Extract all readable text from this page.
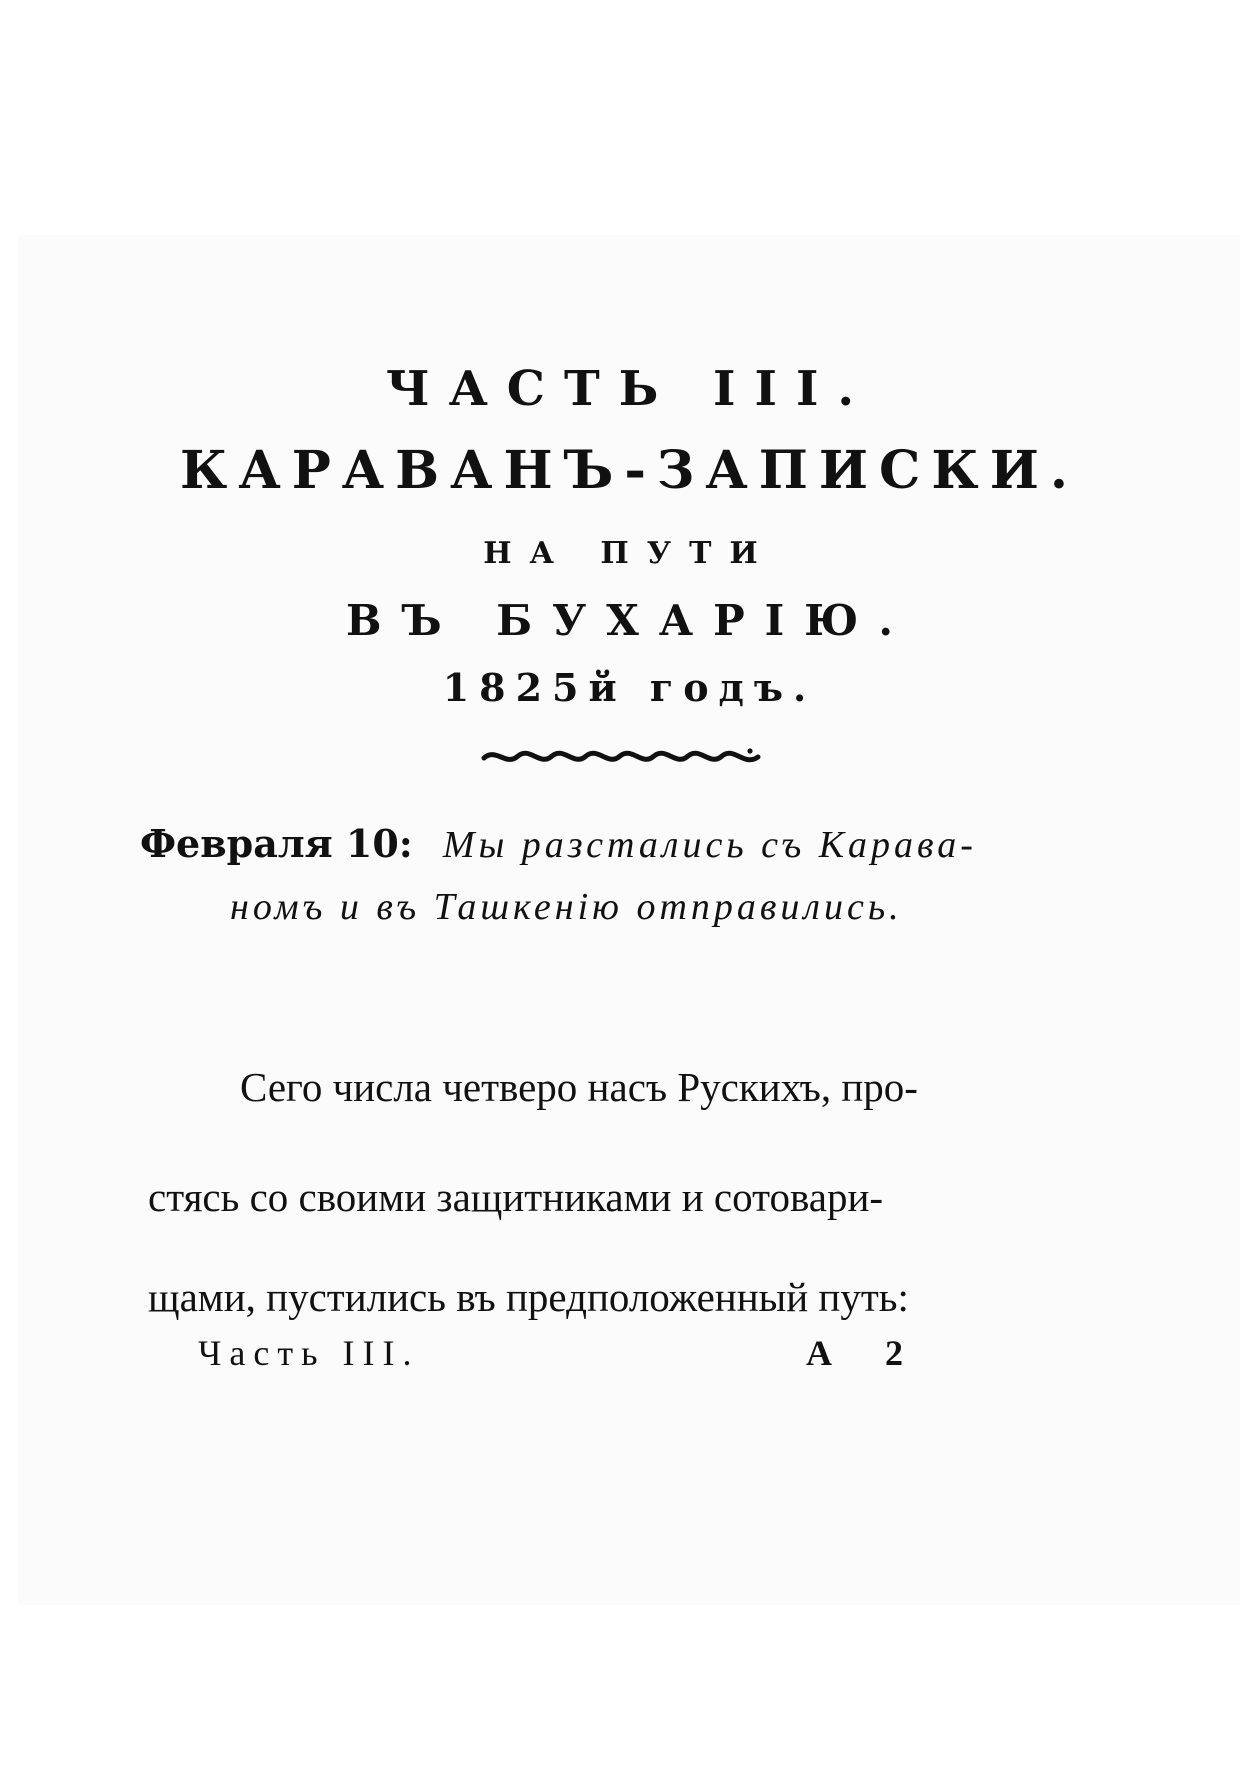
ЧАСТЬ III.
КАРАВАНЪ-ЗАПИСКИ.
НА ПУТИ
ВЪ БУХАРІЮ.
1825й годъ.
Февраля 10: Мы разстались съ Карава-
номъ и въ Ташкенію отправились.
Сего числа четверо насъ Рускихъ, про-
стясь со своими защитниками и сотовари-
щами, пустились въ предположенный путь:
Часть III.	А 2
